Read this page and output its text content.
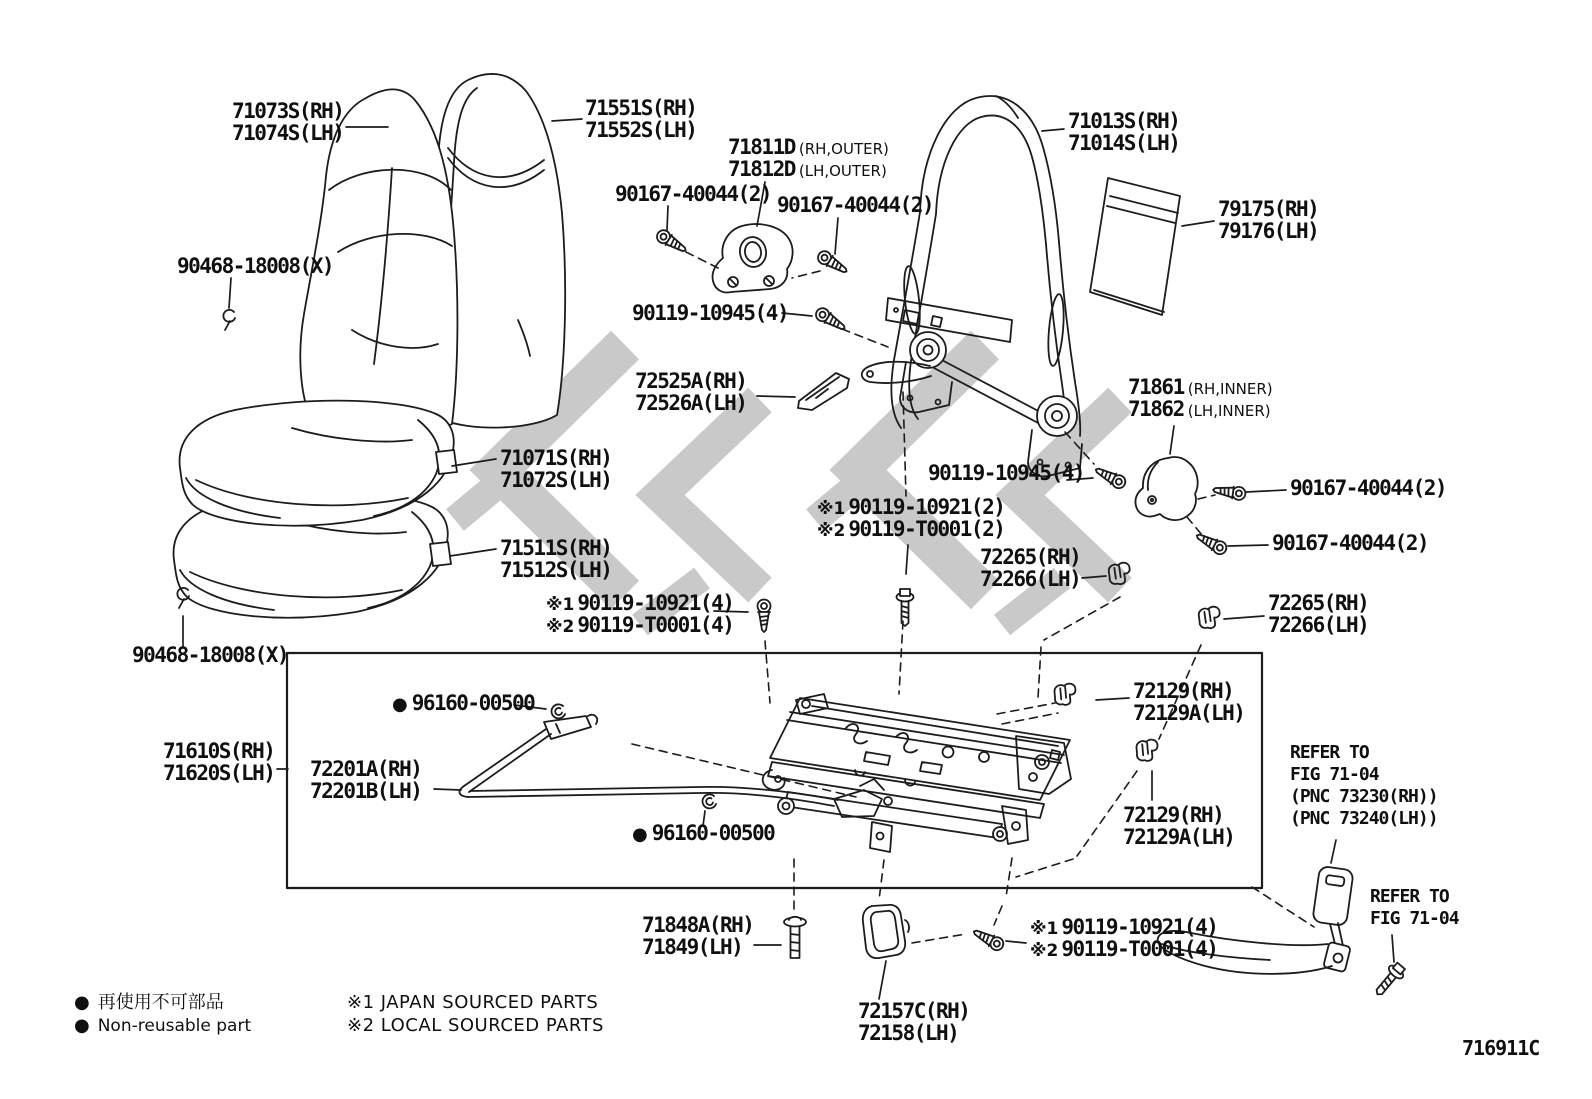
71073S(RH)
71074S(LH)
71551S(RH)
71552S(LH)
71811D (RH,OUTER)
71812D (LH,OUTER)
90167-40044(2) 90167-40044(2)
90468-18008(X)
90119-10945(4)
71013S(RH)
71014S(LH)
79175(RH)
79176(LH)
72525A(RH)
72526A(LH)
71861 (RH,INNER)
71862 (LH,INNER)
71071S(RH)
71072S(LH)	90119-10945(4)
※1 90119-10921(2)
※2 90119-T0001(2)
90167-40044(2)
90167-40044(2)
71511S(RH)
71512S(LH)
72265(RH)
72266(LH)
72265(RH)
72266(LH)
※1 90119-10921(4)
※2 90119-T0001(4)
90468-18008(X)
● 96160-00500
71610S(RH)
71620S(LH) 72201A(RH)
72201B(LH)
72129(RH)
72129A(LH)
● 96160-00500
72129(RH)
72129A(LH)
REFER TO
FIG 71-04
(PNC 73230(RH))
(PNC 73240(LH))
71848A(RH)
71849(LH)
※1 90119-10921(4)
※2 90119-T0001(4)
REFER TO
FIG 71-04
72157C(RH)
72158(LH)
● 再使用不可部品
● Non-reusable part
※1 JAPAN SOURCED PARTS
※2 LOCAL SOURCED PARTS
716911C
